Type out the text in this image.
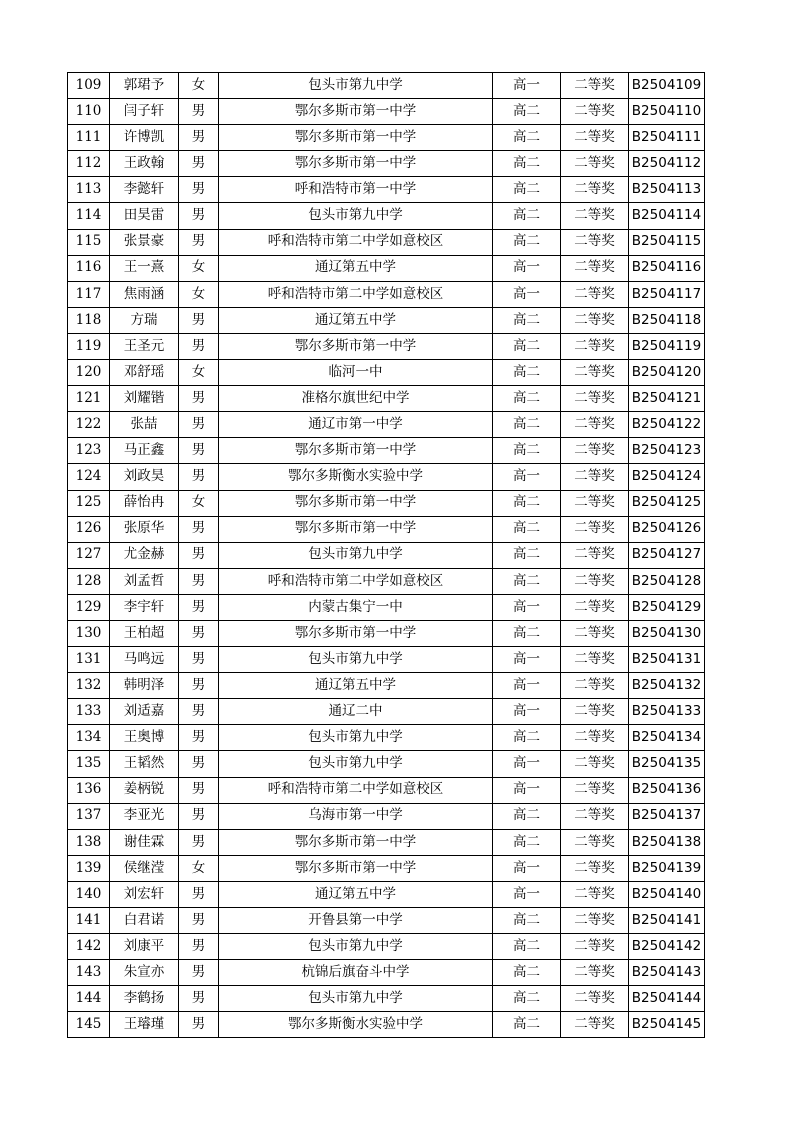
109	郭珺予	女	包头市第九中学	高一	二等奖	B2504109
110	闫子轩	男	鄂尔多斯市第一中学	高二	二等奖	B2504110
111	许博凯	男	鄂尔多斯市第一中学	高二	二等奖	B2504111
112	王政翰	男	鄂尔多斯市第一中学	高二	二等奖	B2504112
113	李懿轩	男	呼和浩特市第一中学	高二	二等奖	B2504113
114	田昊雷	男	包头市第九中学	高二	二等奖	B2504114
115	张景豪	男	呼和浩特市第二中学如意校区	高二	二等奖	B2504115
116	王一熹	女	通辽第五中学	高一	二等奖	B2504116
117	焦雨涵	女	呼和浩特市第二中学如意校区	高一	二等奖	B2504117
118	方瑞	男	通辽第五中学	高二	二等奖	B2504118
119	王圣元	男	鄂尔多斯市第一中学	高二	二等奖	B2504119
120	邓舒瑶	女	临河一中	高二	二等奖	B2504120
121	刘耀锴	男	准格尔旗世纪中学	高二	二等奖	B2504121
122	张喆	男	通辽市第一中学	高二	二等奖	B2504122
123	马正鑫	男	鄂尔多斯市第一中学	高二	二等奖	B2504123
124	刘政昊	男	鄂尔多斯衡水实验中学	高一	二等奖	B2504124
125	薛怡冉	女	鄂尔多斯市第一中学	高二	二等奖	B2504125
126	张原华	男	鄂尔多斯市第一中学	高二	二等奖	B2504126
127	尤金赫	男	包头市第九中学	高二	二等奖	B2504127
128	刘孟哲	男	呼和浩特市第二中学如意校区	高二	二等奖	B2504128
129	李宇轩	男	内蒙古集宁一中	高一	二等奖	B2504129
130	王柏超	男	鄂尔多斯市第一中学	高二	二等奖	B2504130
131	马鸣远	男	包头市第九中学	高一	二等奖	B2504131
132	韩明泽	男	通辽第五中学	高一	二等奖	B2504132
133	刘适嘉	男	通辽二中	高一	二等奖	B2504133
134	王奥博	男	包头市第九中学	高二	二等奖	B2504134
135	王韬然	男	包头市第九中学	高一	二等奖	B2504135
136	姜柄锐	男	呼和浩特市第二中学如意校区	高一	二等奖	B2504136
137	李亚光	男	乌海市第一中学	高二	二等奖	B2504137
138	谢佳霖	男	鄂尔多斯市第一中学	高二	二等奖	B2504138
139	侯继滢	女	鄂尔多斯市第一中学	高一	二等奖	B2504139
140	刘宏轩	男	通辽第五中学	高一	二等奖	B2504140
141	白君诺	男	开鲁县第一中学	高二	二等奖	B2504141
142	刘康平	男	包头市第九中学	高二	二等奖	B2504142
143	朱宣亦	男	杭锦后旗奋斗中学	高二	二等奖	B2504143
144	李鹤扬	男	包头市第九中学	高二	二等奖	B2504144
145	王璿瑾	男	鄂尔多斯衡水实验中学	高二	二等奖	B2504145
